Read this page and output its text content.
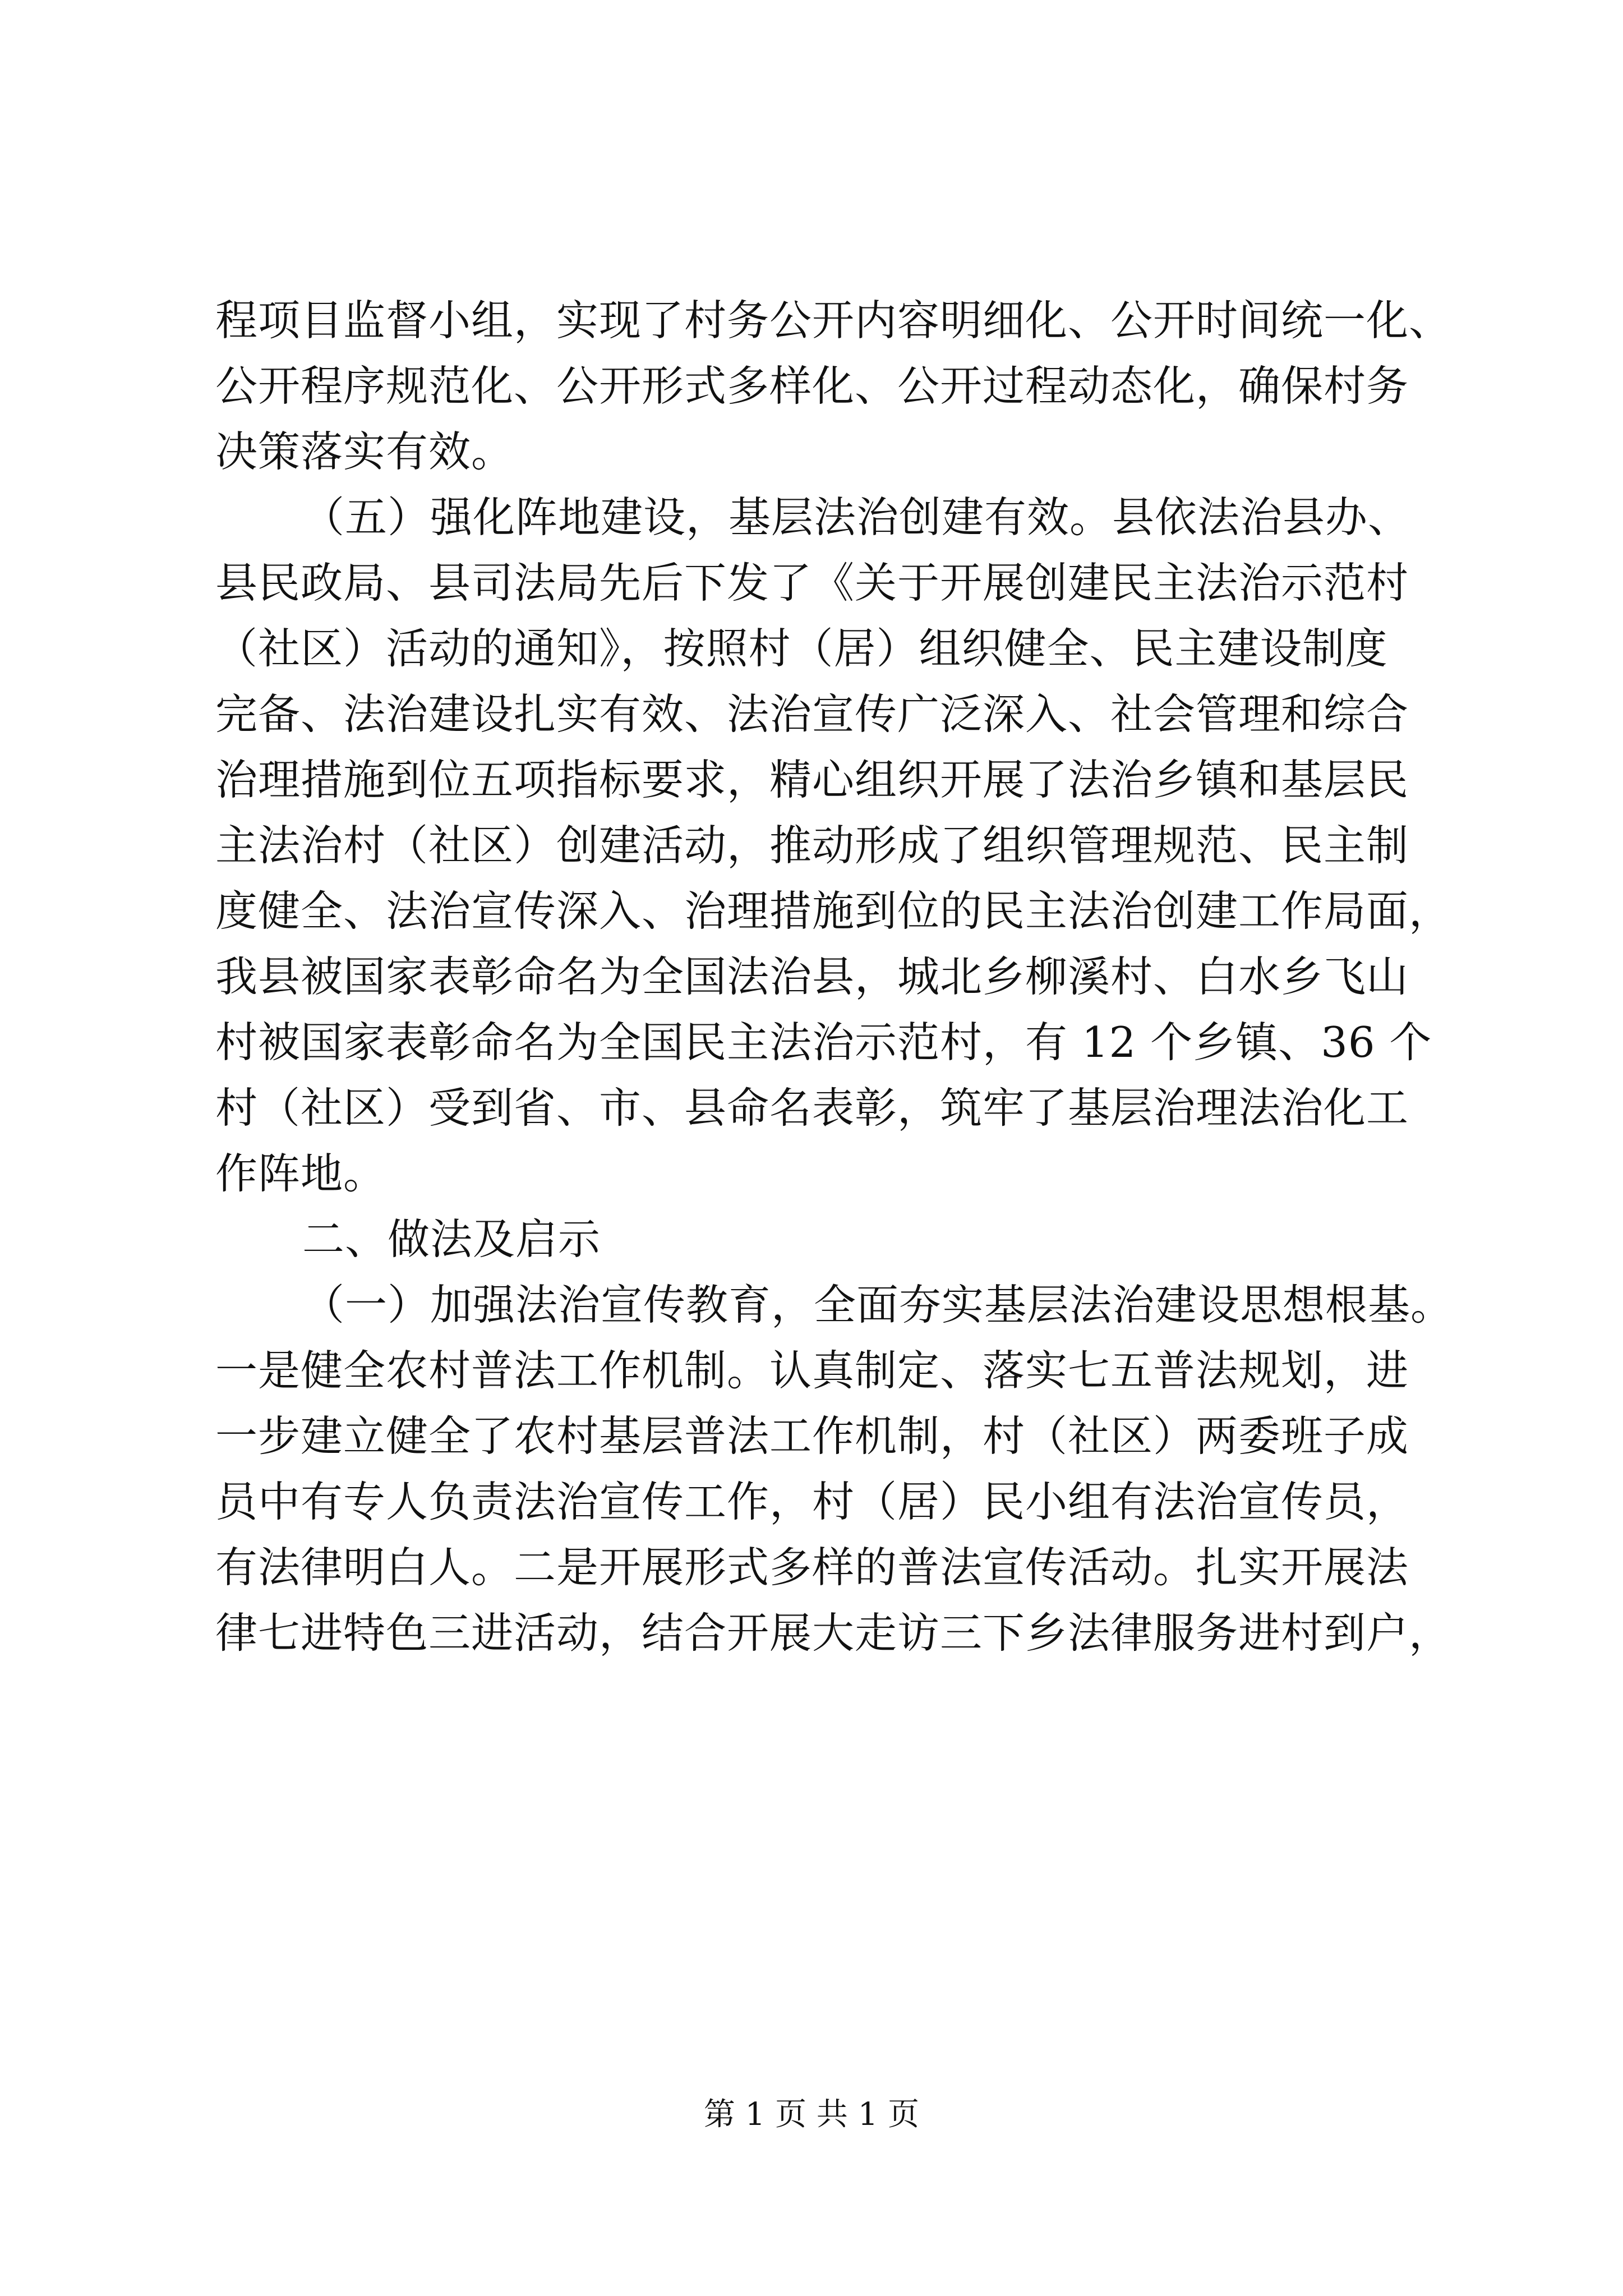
程项目监督小组，实现了村务公开内容明细化、公开时间统一化、
公开程序规范化、公开形式多样化、公开过程动态化，确保村务
决策落实有效。
（五）强化阵地建设，基层法治创建有效。县依法治县办、
县民政局、县司法局先后下发了《关于开展创建民主法治示范村
（社区）活动的通知》，按照村（居）组织健全、民主建设制度
完备、法治建设扎实有效、法治宣传广泛深入、社会管理和综合
治理措施到位五项指标要求，精心组织开展了法治乡镇和基层民
主法治村（社区）创建活动，推动形成了组织管理规范、民主制
度健全、法治宣传深入、治理措施到位的民主法治创建工作局面，
我县被国家表彰命名为全国法治县，城北乡柳溪村、白水乡飞山
村被国家表彰命名为全国民主法治示范村，有 12 个乡镇、36 个
村（社区）受到省、市、县命名表彰，筑牢了基层治理法治化工
作阵地。
二、做法及启示
（一）加强法治宣传教育，全面夯实基层法治建设思想根基。
一是健全农村普法工作机制。认真制定、落实七五普法规划，进
一步建立健全了农村基层普法工作机制，村（社区）两委班子成
员中有专人负责法治宣传工作，村（居）民小组有法治宣传员，
有法律明白人。二是开展形式多样的普法宣传活动。扎实开展法
律七进特色三进活动，结合开展大走访三下乡法律服务进村到户，
第 1 页 共 1 页
